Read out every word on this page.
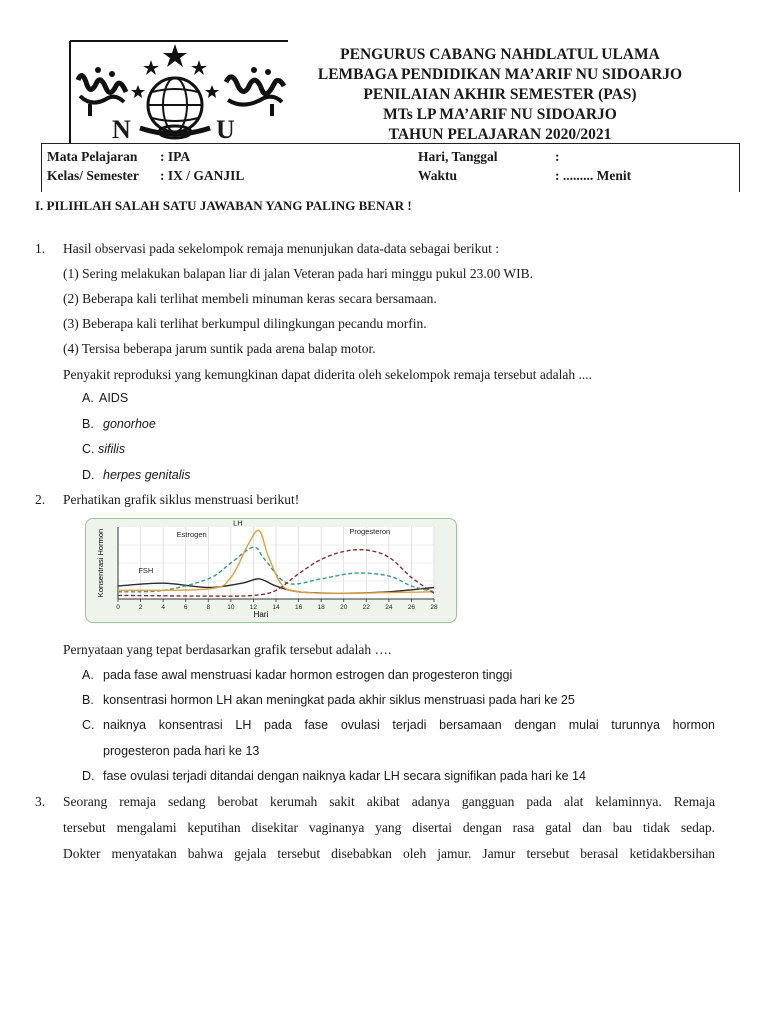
N	U
PENGURUS CABANG NAHDLATUL ULAMA
LEMBAGA PENDIDIKAN MA’ARIF NU SIDOARJO
PENILAIAN AKHIR SEMESTER (PAS)
MTs LP MA’ARIF NU SIDOARJO
TAHUN PELAJARAN 2020/2021
Mata Pelajaran : IPA	Hari, Tanggal	:
Kelas/ Semester : IX / GANJIL	Waktu	: ......... Menit
I. PILIHLAH SALAH SATU JAWABAN YANG PALING BENAR !
1. Hasil observasi pada sekelompok remaja menunjukan data-data sebagai berikut :
(1) Sering melakukan balapan liar di jalan Veteran pada hari minggu pukul 23.00 WIB.
(2) Beberapa kali terlihat membeli minuman keras secara bersamaan.
(3) Beberapa kali terlihat berkumpul dilingkungan pecandu morfin.
(4) Tersisa beberapa jarum suntik pada arena balap motor.
Penyakit reproduksi yang kemungkinan dapat diderita oleh sekelompok remaja tersebut adalah ....
A. AIDS
B. gonorhoe
C. sifilis
D. herpes genitalis
2. Perhatikan grafik siklus menstruasi berikut!
0	2	4	6	8	10 12 14 16 18 20 22 24 26 28
Hari
Konsentrasi Hormon	FSH
Estrogen
LH
Progesteron
Pernyataan yang tepat berdasarkan grafik tersebut adalah ….
A. pada fase awal menstruasi kadar hormon estrogen dan progesteron tinggi
B. konsentrasi hormon LH akan meningkat pada akhir siklus menstruasi pada hari ke 25
C. naiknya konsentrasi LH pada fase ovulasi terjadi bersamaan dengan mulai turunnya hormon
progesteron pada hari ke 13
D. fase ovulasi terjadi ditandai dengan naiknya kadar LH secara signifikan pada hari ke 14
3. Seorang remaja sedang berobat kerumah sakit akibat adanya gangguan pada alat kelaminnya. Remaja
tersebut mengalami keputihan disekitar vaginanya yang disertai dengan rasa gatal dan bau tidak sedap.
Dokter menyatakan bahwa gejala tersebut disebabkan oleh jamur. Jamur tersebut berasal ketidakbersihan
